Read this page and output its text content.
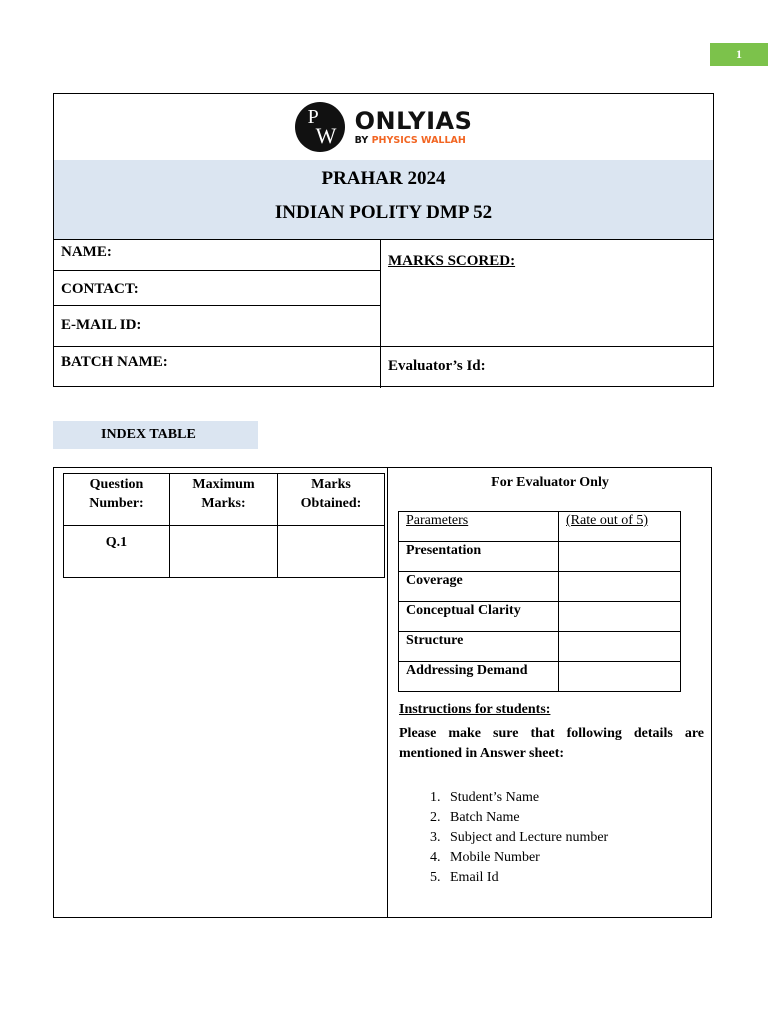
1
P
W
ONLYIAS
BY PHYSICS WALLAH
PRAHAR 2024
INDIAN POLITY DMP 52
NAME:
CONTACT:
E-MAIL ID:
BATCH NAME:
MARKS SCORED:
Evaluator’s Id:
INDEX TABLE
Question Number:	Maximum Marks:	Marks Obtained:
Q.1		
For Evaluator Only
Parameters	(Rate out of 5)
Presentation	
Coverage	
Conceptual Clarity	
Structure	
Addressing Demand	
Instructions for students:
Please make sure that following details are mentioned in Answer sheet:
1. Student’s Name
2. Batch Name
3. Subject and Lecture number
4. Mobile Number
5. Email Id
